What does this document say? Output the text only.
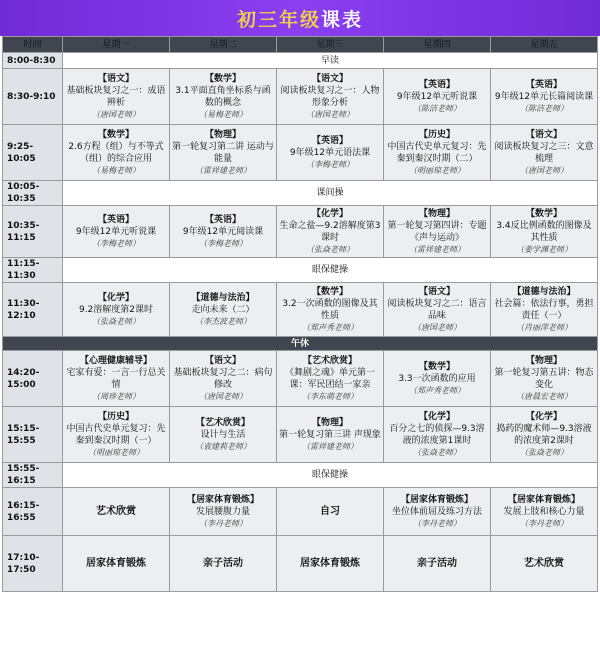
初三年级课表
时间	星期一	星期二	星期三	星期四	星期五
8:00-8:30	早读				
8:30-9:10	【语文】
基础板块复习之一：成语辨析
（唐国老师）	【数学】
3.1平面直角坐标系与函数的概念
（易梅老师）	【语文】
阅读板块复习之一：人物形象分析
（唐国老师）	【英语】
9年级12单元听说课
（陈洁老师）	【英语】
9年级12单元长篇阅读课
（陈洁老师）

9:25-10:05	【数学】
2.6方程（组）与不等式（组）的综合应用
（易梅老师）	【物理】
第一轮复习第二讲 运动与能量
（雷祥建老师）	【英语】
9年级12单元语法课
（李梅老师）	【历史】
中国古代史单元复习：先秦到秦汉时期（二）
（明丽琼老师）	【语文】
阅读板块复习之三：文意梳理
（唐国老师）

10:05-10:35	课间操				
10:35-11:15	【英语】
9年级12单元听说课
（李梅老师）	【英语】
9年级12单元阅读课
（李梅老师）	【化学】
生命之盐—9.2溶解度第3课时
（张焱老师）	【物理】
第一轮复习第四讲：专题《声与运动》
（雷祥建老师）	【数学】
3.4反比例函数的图像及其性质
（姜学渊老师）

11:15-11:30	眼保健操				
11:30-12:10	【化学】
9.2溶解度第2课时
（张焱老师）	【道德与法治】
走向未来（二）
（李杰波老师）	【数学】
3.2一次函数的图像及其性质
（郑声秀老师）	【语文】
阅读板块复习之二：语言品味
（唐国老师）	【道德与法治】
社会篇：依法行事，勇担责任（一）
（肖丽萍老师）

午休					
14:20-15:00	【心理健康辅导】
宅家有爱：一言一行总关情
（周珍老师）	【语文】
基础板块复习之二：病句修改
（唐国老师）	【艺术欣赏】
《舞剧之魂》单元第一课：军民团结一家亲
（李东萌老师）	【数学】
3.3一次函数的应用
（郑声秀老师）	【物理】
第一轮复习第五讲：物态变化
（唐晨宏老师）

15:15-15:55	【历史】
中国古代史单元复习：先秦到秦汉时期（一）
（明丽琼老师）	【艺术欣赏】
设计与生活
（袁建莉老师）	【物理】
第一轮复习第三讲 声现象
（雷祥建老师）	【化学】
百分之七的侦探—9.3溶液的浓度第1课时
（张焱老师）	【化学】
捣药的魔术师—9.3溶液的浓度第2课时
（张焱老师）

15:55-16:15	眼保健操				
16:15-16:55	艺术欣赏	【居家体育锻炼】
发展腰腹力量
（李丹老师）	自习	【居家体育锻炼】
坐位体前屈及练习方法
（李丹老师）	【居家体育锻炼】
发展上肢和核心力量
（李丹老师）

17:10-17:50	居家体育锻炼	亲子活动	居家体育锻炼	亲子活动	艺术欣赏
